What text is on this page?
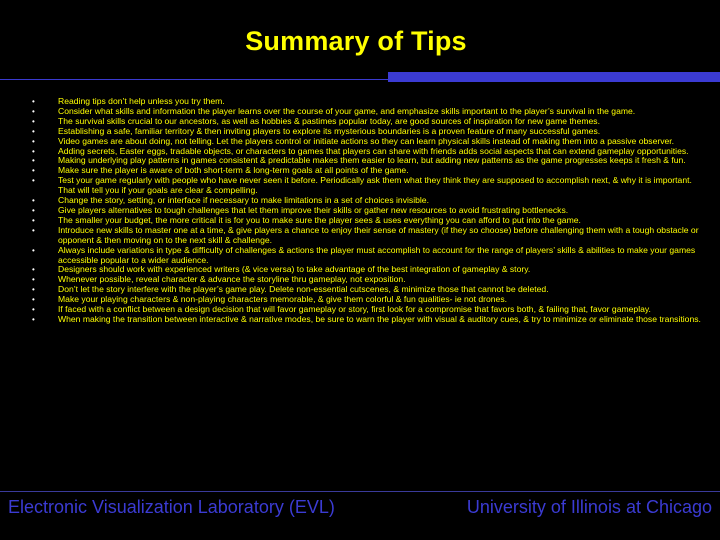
Summary of Tips
•	Reading tips don’t help unless you try them.
•	Consider what skills and information the player learns over the course of your game, and emphasize skills important to the player’s survival in the game.
•	The survival skills crucial to our ancestors, as well as hobbies & pastimes popular today, are good sources of inspiration for new game themes.
•	Establishing a safe, familiar territory & then inviting players to explore its mysterious boundaries is a proven feature of many successful games.
•	Video games are about doing, not telling. Let the players control or initiate actions so they can learn physical skills instead of making them into a passive observer.
•	Adding secrets, Easter eggs, tradable objects, or characters to games that players can share with friends adds social aspects that can extend gameplay opportunities.
•	Making underlying play patterns in games consistent & predictable makes them easier to learn, but adding new patterns as the game progresses keeps it fresh & fun.
•	Make sure the player is aware of both short-term & long-term goals at all points of the game.
•	Test your game regularly with people who have never seen it before. Periodically ask them what they think they are supposed to accomplish next, & why it is important. That will tell you if your goals are clear & compelling.
•	Change the story, setting, or interface if necessary to make limitations in a set of choices invisible.
•	Give players alternatives to tough challenges that let them improve their skills or gather new resources to avoid frustrating bottlenecks.
•	The smaller your budget, the more critical it is for you to make sure the player sees & uses everything you can afford to put into the game.
•	Introduce new skills to master one at a time, & give players a chance to enjoy their sense of mastery (if they so choose) before challenging them with a tough obstacle or opponent & then moving on to the next skill & challenge.
•	Always include variations in type & difficulty of challenges & actions the player must accomplish to account for the range of players’ skills & abilities to make your games accessible popular to a wider audience.
•	Designers should work with experienced writers (& vice versa) to take advantage of the best integration of gameplay & story.
•	Whenever possible, reveal character & advance the storyline thru gameplay, not exposition.
•	Don’t let the story interfere with the player’s game play. Delete non-essential cutscenes, & minimize those that cannot be deleted.
•	Make your playing characters & non-playing characters memorable, & give them colorful & fun qualities- ie not drones.
•	If faced with a conflict between a design decision that will favor gameplay or story, first look for a compromise that favors both, & failing that, favor gameplay.
•	When making the transition between interactive & narrative modes, be sure to warn the player with visual & auditory cues, & try to minimize or eliminate those transitions.
Electronic Visualization Laboratory (EVL)	University of Illinois at Chicago
